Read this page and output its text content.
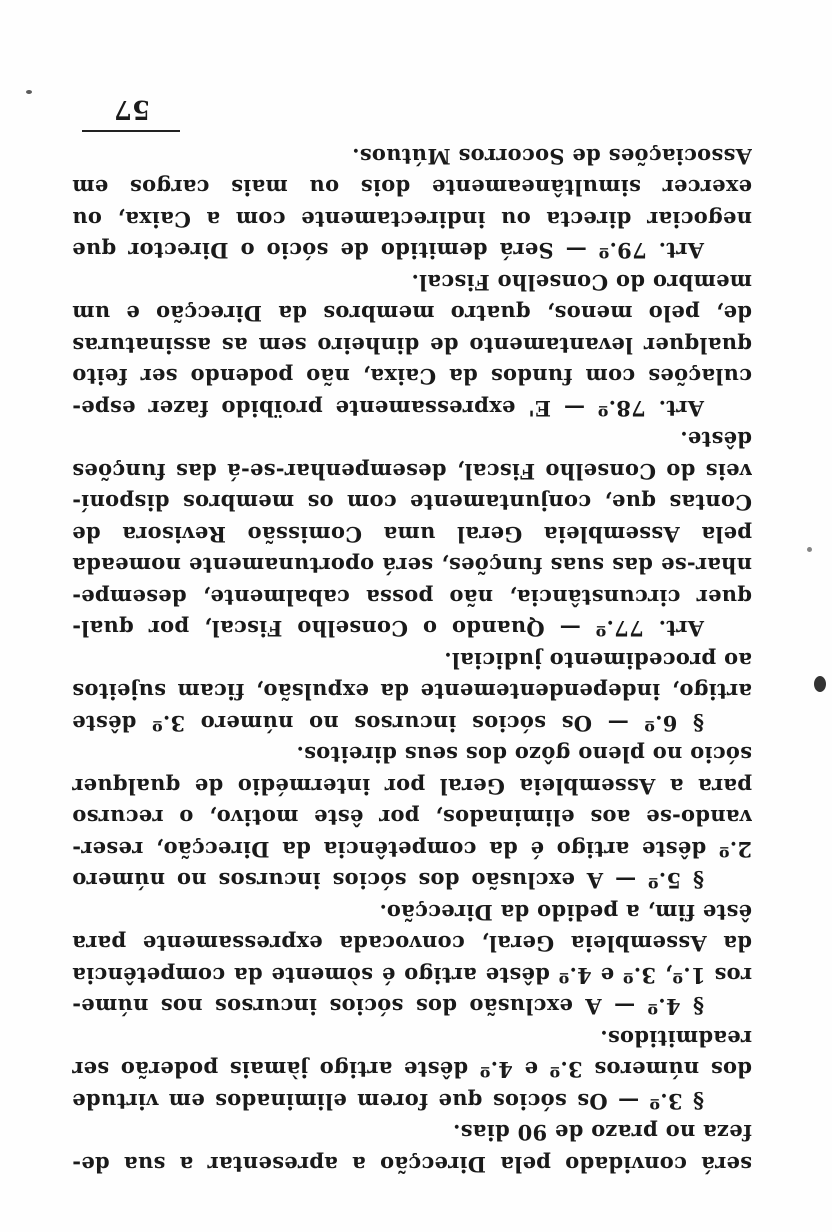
será convidado pela Direcção a apresentar a sua de-
feza no prazo de 90 dias.
§ 3.º — Os sócios que forem eliminados em virtude
dos números 3.º e 4.º dêste artigo jàmais poderão ser
readmitidos.
§ 4.º — A exclusão dos sócios incursos nos núme-
ros 1.º, 3.º e 4.º dêste artigo é sòmente da competência
da Assembleia Geral, convocada expressamente para
êste fim, a pedido da Direcção.
§ 5.º — A exclusão dos sócios incursos no número
2.º dêste artigo é da competência da Direcção, reser-
vando-se aos eliminados, por êste motivo, o recurso
para a Assembleia Geral por intermédio de qualquer
sócio no pleno gôzo dos seus direitos.
§ 6.º — Os sócios incursos no número 3.º dêste
artigo, independentemente da expulsão, ficam sujeitos
ao procedimento judicial.
Art. 77.º — Quando o Conselho Fiscal, por qual-
quer circunstância, não possa cabalmente, desempe-
nhar-se das suas funções, será oportunamente nomeada
pela Assembleia Geral uma Comissão Revisora de
Contas que, conjuntamente com os membros disponí-
veis do Conselho Fiscal, desempenhar-se-á das funções
dêste.
Art. 78.º — E' expressamente proïbido fazer espe-
culações com fundos da Caixa, não podendo ser feito
qualquer levantamento de dinheiro sem as assinaturas
de, pelo menos, quatro membros da Direcção e um
membro do Conselho Fiscal.
Art. 79.º — Será demitido de sócio o Director que
negociar directa ou indirectamente com a Caixa, ou
exercer simultâneamente dois ou mais cargos em
Associações de Socorros Mútuos.
57
